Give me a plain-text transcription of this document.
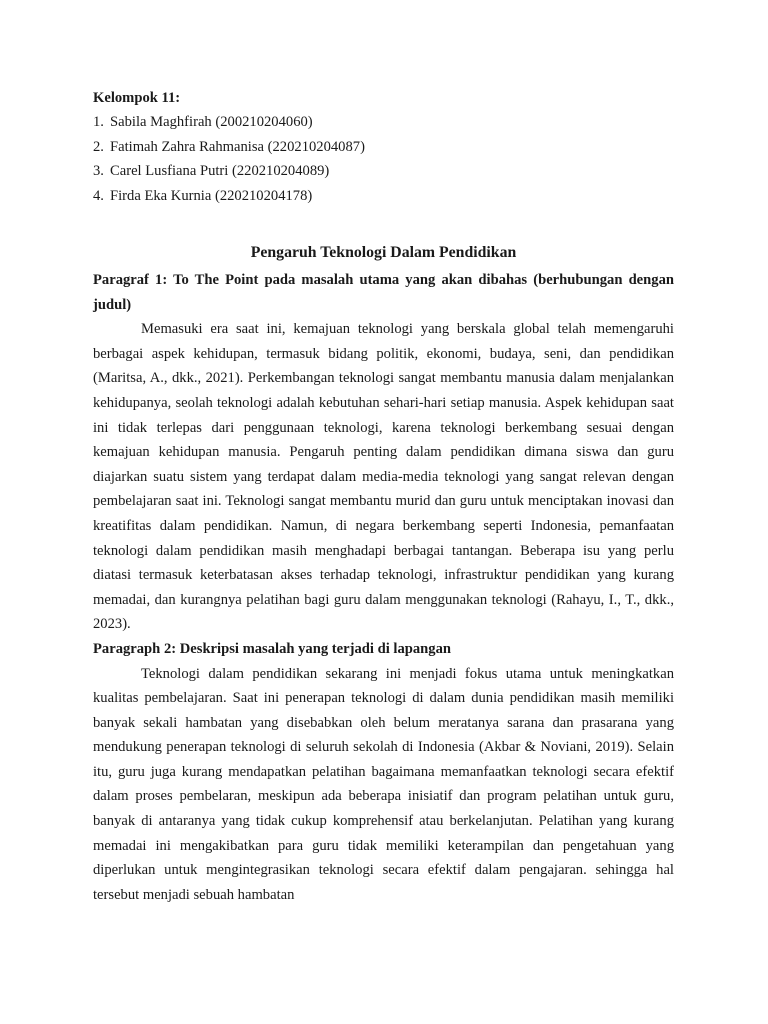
Kelompok 11:

1. Sabila Maghfirah (200210204060)
2. Fatimah Zahra Rahmanisa (220210204087)
3. Carel Lusfiana Putri (220210204089)
4. Firda Eka Kurnia (220210204178)
Pengaruh Teknologi Dalam Pendidikan

Paragraf 1: To The Point pada masalah utama yang akan dibahas (berhubungan dengan judul)

Memasuki era saat ini, kemajuan teknologi yang berskala global telah memengaruhi berbagai aspek kehidupan, termasuk bidang politik, ekonomi, budaya, seni, dan pendidikan (Maritsa, A., dkk., 2021). Perkembangan teknologi sangat membantu manusia dalam menjalankan kehidupanya, seolah teknologi adalah kebutuhan sehari-hari setiap manusia. Aspek kehidupan saat ini tidak terlepas dari penggunaan teknologi, karena teknologi berkembang sesuai dengan kemajuan kehidupan manusia. Pengaruh penting dalam pendidikan dimana siswa dan guru diajarkan suatu sistem yang terdapat dalam media-media teknologi yang sangat relevan dengan pembelajaran saat ini. Teknologi sangat membantu murid dan guru untuk menciptakan inovasi dan kreatifitas dalam pendidikan. Namun, di negara berkembang seperti Indonesia, pemanfaatan teknologi dalam pendidikan masih menghadapi berbagai tantangan. Beberapa isu yang perlu diatasi termasuk keterbatasan akses terhadap teknologi, infrastruktur pendidikan yang kurang memadai, dan kurangnya pelatihan bagi guru dalam menggunakan teknologi (Rahayu, I., T., dkk., 2023).

Paragraph 2: Deskripsi masalah yang terjadi di lapangan

Teknologi dalam pendidikan sekarang ini menjadi fokus utama untuk meningkatkan kualitas pembelajaran. Saat ini penerapan teknologi di dalam dunia pendidikan masih memiliki banyak sekali hambatan yang disebabkan oleh belum meratanya sarana dan prasarana yang mendukung penerapan teknologi di seluruh sekolah di Indonesia (Akbar & Noviani, 2019). Selain itu, guru juga kurang mendapatkan pelatihan bagaimana memanfaatkan teknologi secara efektif dalam proses pembelaran, meskipun ada beberapa inisiatif dan program pelatihan untuk guru, banyak di antaranya yang tidak cukup komprehensif atau berkelanjutan. Pelatihan yang kurang memadai ini mengakibatkan para guru tidak memiliki keterampilan dan pengetahuan yang diperlukan untuk mengintegrasikan teknologi secara efektif dalam pengajaran. sehingga hal tersebut menjadi sebuah hambatan
